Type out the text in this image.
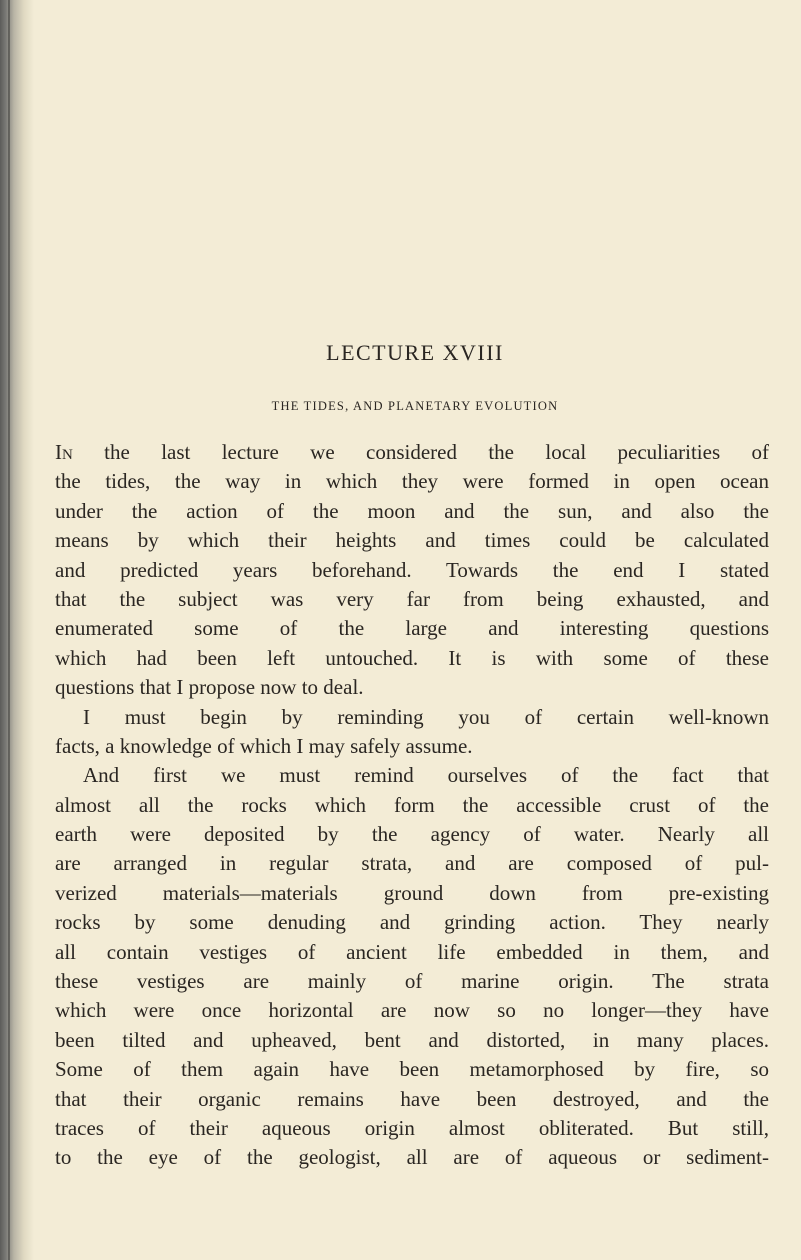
LECTURE XVIII
THE TIDES, AND PLANETARY EVOLUTION
In the last lecture we considered the local peculiarities of
the tides, the way in which they were formed in open ocean
under the action of the moon and the sun, and also the
means by which their heights and times could be calculated
and predicted years beforehand. Towards the end I stated
that the subject was very far from being exhausted, and
enumerated some of the large and interesting questions
which had been left untouched. It is with some of these
questions that I propose now to deal.
I must begin by reminding you of certain well-known
facts, a knowledge of which I may safely assume.
And first we must remind ourselves of the fact that
almost all the rocks which form the accessible crust of the
earth were deposited by the agency of water. Nearly all
are arranged in regular strata, and are composed of pul-
verized materials—materials ground down from pre-existing
rocks by some denuding and grinding action. They nearly
all contain vestiges of ancient life embedded in them, and
these vestiges are mainly of marine origin. The strata
which were once horizontal are now so no longer—they have
been tilted and upheaved, bent and distorted, in many places.
Some of them again have been metamorphosed by fire, so
that their organic remains have been destroyed, and the
traces of their aqueous origin almost obliterated. But still,
to the eye of the geologist, all are of aqueous or sediment-
